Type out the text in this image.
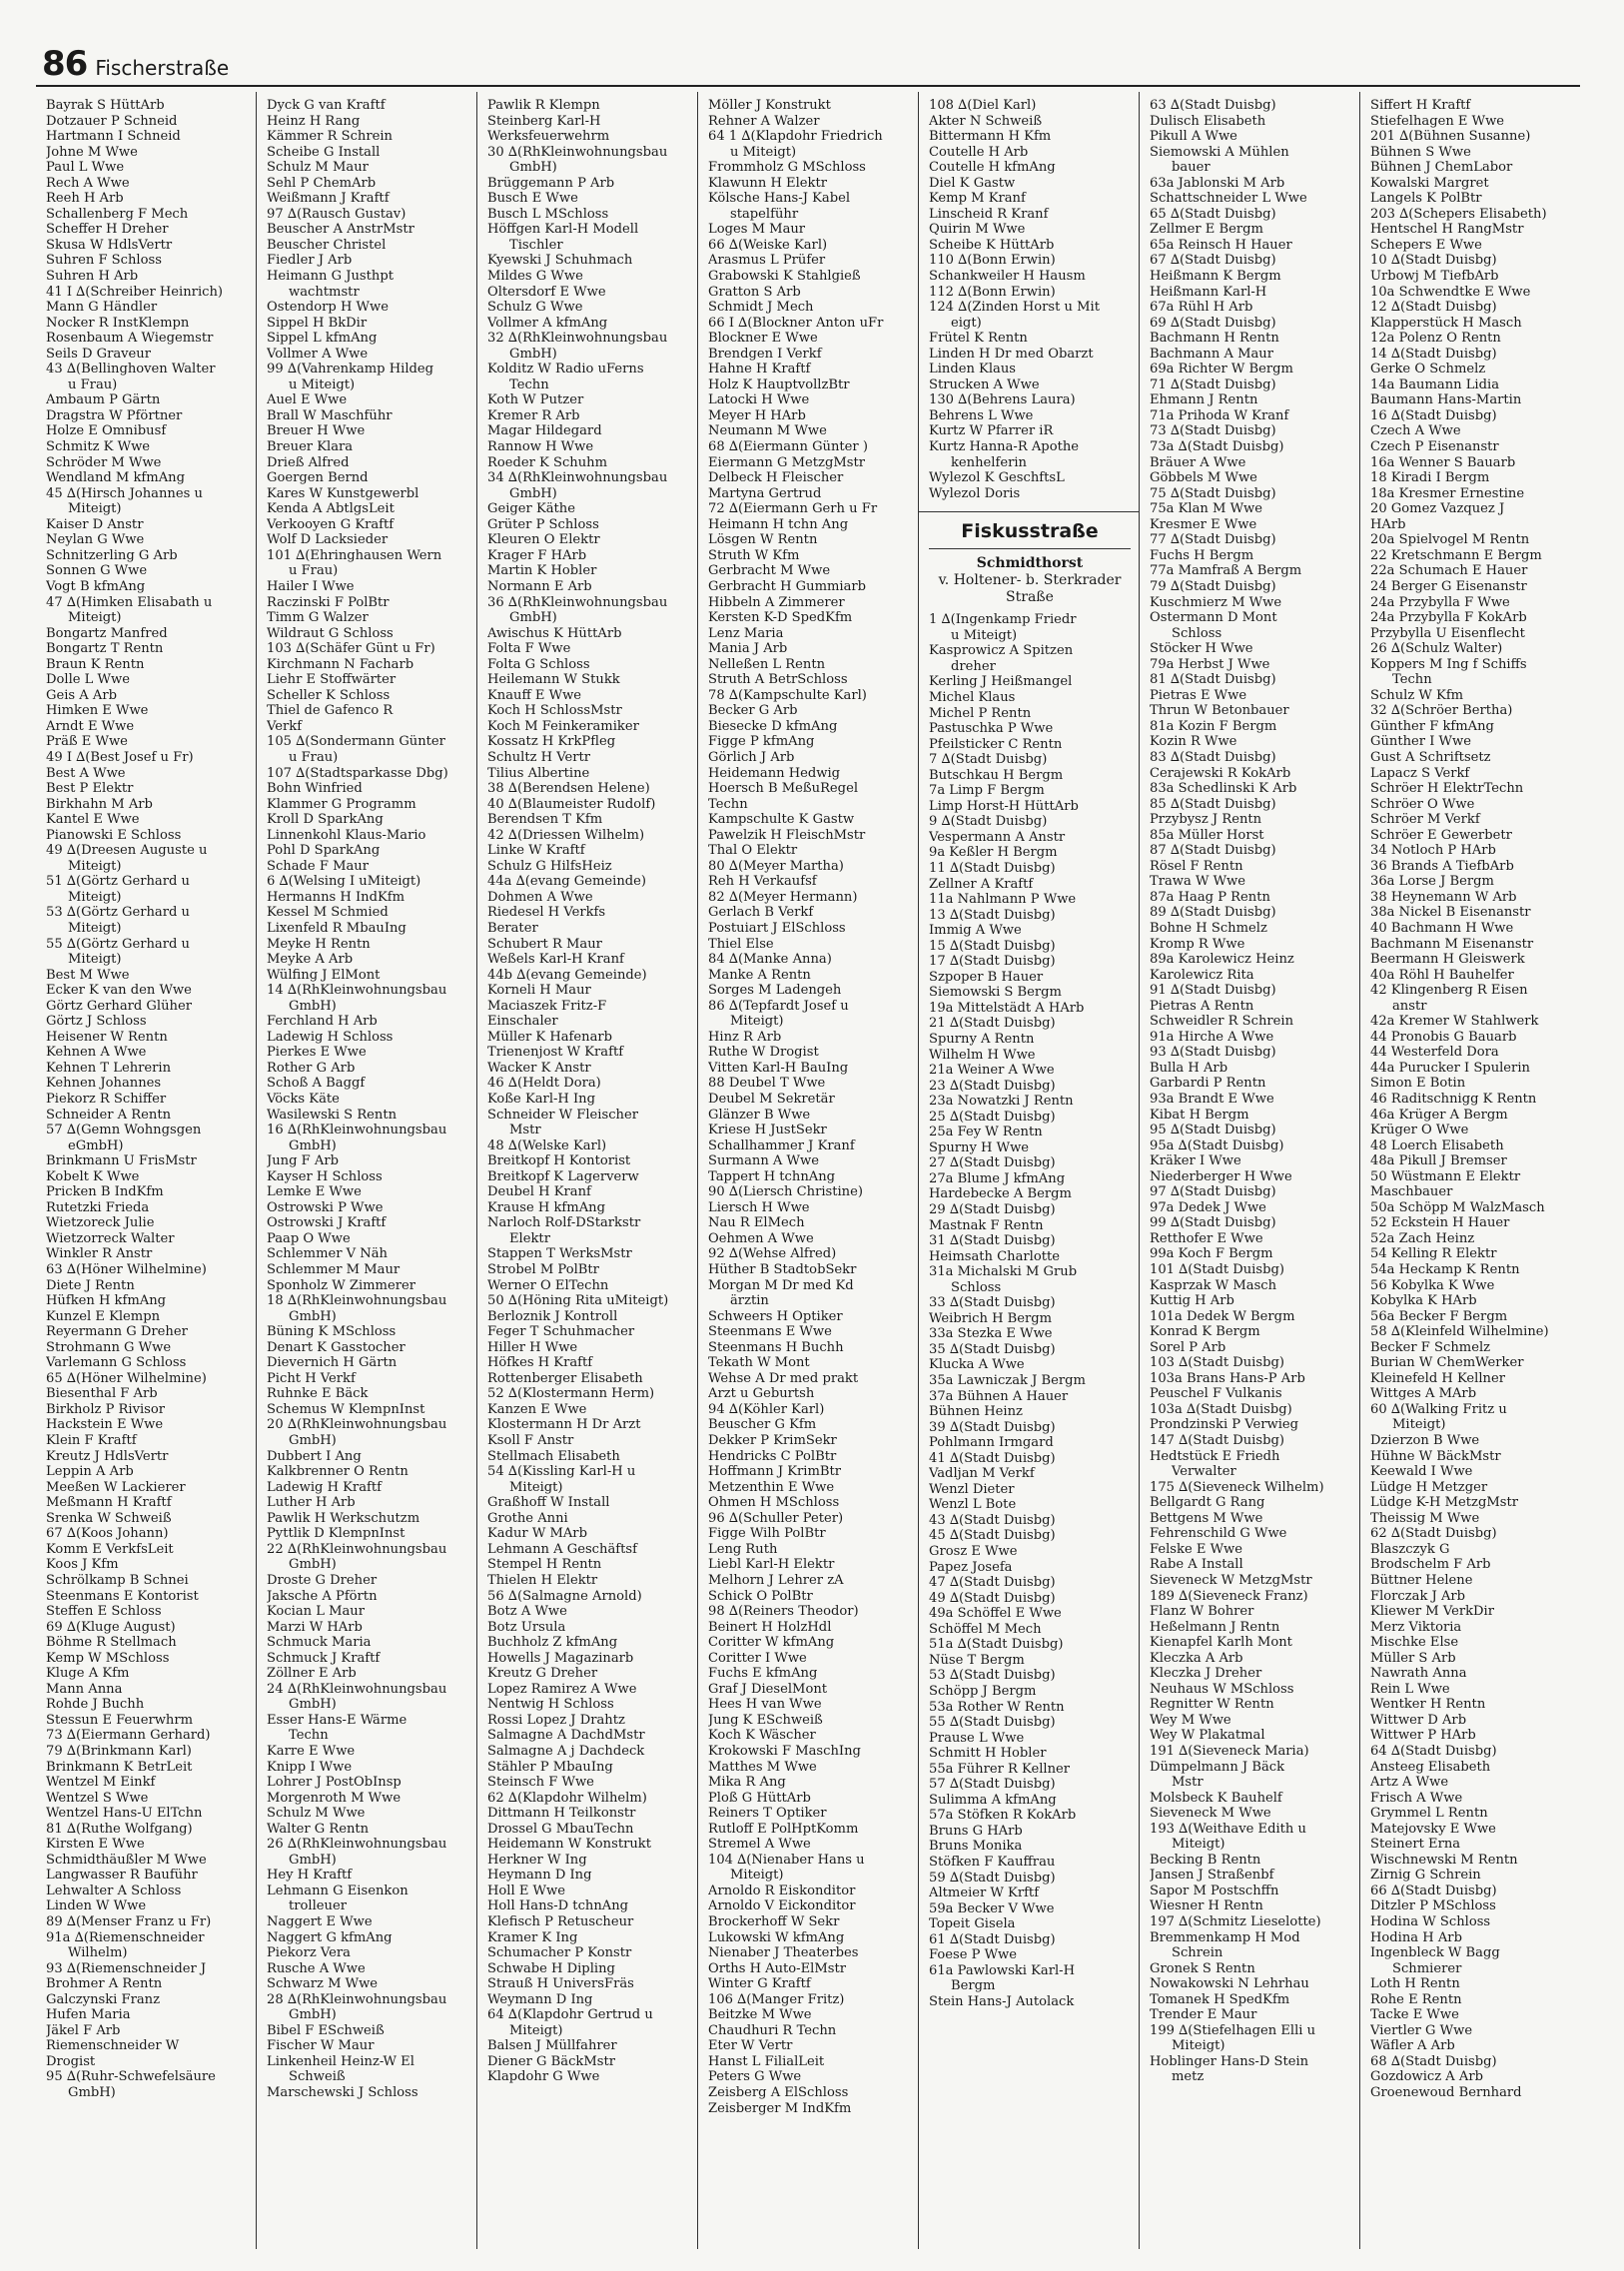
86 Fischerstraße
Bayrak S HüttArb
Dotzauer P Schneid
Hartmann I Schneid
Johne M Wwe
Paul L Wwe
Rech A Wwe
Reeh H Arb
Schallenberg F Mech
Scheffer H Dreher
Skusa W HdlsVertr
Suhren F Schloss
Suhren H Arb
41 I ∆(Schreiber Heinrich)
Mann G Händler
Nocker R InstKlempn
Rosenbaum A Wiegemstr
Seils D Graveur
43 ∆(Bellinghoven Walter
u Frau)
Ambaum P Gärtn
Dragstra W Pförtner
Holze E Omnibusf
Schmitz K Wwe
Schröder M Wwe
Wendland M kfmAng
45 ∆(Hirsch Johannes u
Miteigt)
Kaiser D Anstr
Neylan G Wwe
Schnitzerling G Arb
Sonnen G Wwe
Vogt B kfmAng
47 ∆(Himken Elisabath u
Miteigt)
Bongartz Manfred
Bongartz T Rentn
Braun K Rentn
Dolle L Wwe
Geis A Arb
Himken E Wwe
Arndt E Wwe
Präß E Wwe
49 I ∆(Best Josef u Fr)
Best A Wwe
Best P Elektr
Birkhahn M Arb
Kantel E Wwe
Pianowski E Schloss
49 ∆(Dreesen Auguste u
Miteigt)
51 ∆(Görtz Gerhard u
Miteigt)
53 ∆(Görtz Gerhard u
Miteigt)
55 ∆(Görtz Gerhard u
Miteigt)
Best M Wwe
Ecker K van den Wwe
Görtz Gerhard Glüher
Görtz J Schloss
Heisener W Rentn
Kehnen A Wwe
Kehnen T Lehrerin
Kehnen Johannes
Piekorz R Schiffer
Schneider A Rentn
57 ∆(Gemn Wohngsgen
eGmbH)
Brinkmann U FrisMstr
Kobelt K Wwe
Pricken B IndKfm
Rutetzki Frieda
Wietzoreck Julie
Wietzorreck Walter
Winkler R Anstr
63 ∆(Höner Wilhelmine)
Diete J Rentn
Hüfken H kfmAng
Kunzel E Klempn
Reyermann G Dreher
Strohmann G Wwe
Varlemann G Schloss
65 ∆(Höner Wilhelmine)
Biesenthal F Arb
Birkholz P Rivisor
Hackstein E Wwe
Klein F Kraftf
Kreutz J HdlsVertr
Leppin A Arb
Meeßen W Lackierer
Meßmann H Kraftf
Srenka W Schweiß
67 ∆(Koos Johann)
Komm E VerkfsLeit
Koos J Kfm
Schrölkamp B Schnei
Steenmans E Kontorist
Steffen E Schloss
69 ∆(Kluge August)
Böhme R Stellmach
Kemp W MSchloss
Kluge A Kfm
Mann Anna
Rohde J Buchh
Stessun E Feuerwhrm
73 ∆(Eiermann Gerhard)
79 ∆(Brinkmann Karl)
Brinkmann K BetrLeit
Wentzel M Einkf
Wentzel S Wwe
Wentzel Hans-U ElTchn
81 ∆(Ruthe Wolfgang)
Kirsten E Wwe
Schmidthäußler M Wwe
Langwasser R Bauführ
Lehwalter A Schloss
Linden W Wwe
89 ∆(Menser Franz u Fr)
91a ∆(Riemenschneider
Wilhelm)
93 ∆(Riemenschneider J
Brohmer A Rentn
Galczynski Franz
Hufen Maria
Jäkel F Arb
Riemenschneider W
Drogist
95 ∆(Ruhr-Schwefelsäure
GmbH)
Dyck G van Kraftf
Heinz H Rang
Kämmer R Schrein
Scheibe G Install
Schulz M Maur
Sehl P ChemArb
Weißmann J Kraftf
97 ∆(Rausch Gustav)
Beuscher A AnstrMstr
Beuscher Christel
Fiedler J Arb
Heimann G Justhpt
wachtmstr
Ostendorp H Wwe
Sippel H BkDir
Sippel L kfmAng
Vollmer A Wwe
99 ∆(Vahrenkamp Hildeg
u Miteigt)
Auel E Wwe
Brall W Maschführ
Breuer H Wwe
Breuer Klara
Drieß Alfred
Goergen Bernd
Kares W Kunstgewerbl
Kenda A AbtlgsLeit
Verkooyen G Kraftf
Wolf D Lacksieder
101 ∆(Ehringhausen Wern
u Frau)
Hailer I Wwe
Raczinski F PolBtr
Timm G Walzer
Wildraut G Schloss
103 ∆(Schäfer Günt u Fr)
Kirchmann N Facharb
Liehr E Stoffwärter
Scheller K Schloss
Thiel de Gafenco R
Verkf
105 ∆(Sondermann Günter
u Frau)
107 ∆(Stadtsparkasse Dbg)
Bohn Winfried
Klammer G Programm
Kroll D SparkAng
Linnenkohl Klaus-Mario
Pohl D SparkAng
Schade F Maur
6 ∆(Welsing I uMiteigt)
Hermanns H IndKfm
Kessel M Schmied
Lixenfeld R MbauIng
Meyke H Rentn
Meyke A Arb
Wülfing J ElMont
14 ∆(RhKleinwohnungsbau
GmbH)
Ferchland H Arb
Ladewig H Schloss
Pierkes E Wwe
Rother G Arb
Schoß A Baggf
Vöcks Käte
Wasilewski S Rentn
16 ∆(RhKleinwohnungsbau
GmbH)
Jung F Arb
Kayser H Schloss
Lemke E Wwe
Ostrowski P Wwe
Ostrowski J Kraftf
Paap O Wwe
Schlemmer V Näh
Schlemmer M Maur
Sponholz W Zimmerer
18 ∆(RhKleinwohnungsbau
GmbH)
Büning K MSchloss
Denart K Gasstocher
Dievernich H Gärtn
Picht H Verkf
Ruhnke E Bäck
Schemus W KlempnInst
20 ∆(RhKleinwohnungsbau
GmbH)
Dubbert I Ang
Kalkbrenner O Rentn
Ladewig H Kraftf
Luther H Arb
Pawlik H Werkschutzm
Pyttlik D KlempnInst
22 ∆(RhKleinwohnungsbau
GmbH)
Droste G Dreher
Jaksche A Pförtn
Kocian L Maur
Marzi W HArb
Schmuck Maria
Schmuck J Kraftf
Zöllner E Arb
24 ∆(RhKleinwohnungsbau
GmbH)
Esser Hans-E Wärme
Techn
Karre E Wwe
Knipp I Wwe
Lohrer J PostObInsp
Morgenroth M Wwe
Schulz M Wwe
Walter G Rentn
26 ∆(RhKleinwohnungsbau
GmbH)
Hey H Kraftf
Lehmann G Eisenkon
trolleuer
Naggert E Wwe
Naggert G kfmAng
Piekorz Vera
Rusche A Wwe
Schwarz M Wwe
28 ∆(RhKleinwohnungsbau
GmbH)
Bibel F ESchweiß
Fischer W Maur
Linkenheil Heinz-W El
Schweiß
Marschewski J Schloss
Pawlik R Klempn
Steinberg Karl-H
Werksfeuerwehrm
30 ∆(RhKleinwohnungsbau
GmbH)
Brüggemann P Arb
Busch E Wwe
Busch L MSchloss
Höffgen Karl-H Modell
Tischler
Kyewski J Schuhmach
Mildes G Wwe
Oltersdorf E Wwe
Schulz G Wwe
Vollmer A kfmAng
32 ∆(RhKleinwohnungsbau
GmbH)
Kolditz W Radio uFerns
Techn
Koth W Putzer
Kremer R Arb
Magar Hildegard
Rannow H Wwe
Roeder K Schuhm
34 ∆(RhKleinwohnungsbau
GmbH)
Geiger Käthe
Grüter P Schloss
Kleuren O Elektr
Krager F HArb
Martin K Hobler
Normann E Arb
36 ∆(RhKleinwohnungsbau
GmbH)
Awischus K HüttArb
Folta F Wwe
Folta G Schloss
Heilemann W Stukk
Knauff E Wwe
Koch H SchlossMstr
Koch M Feinkeramiker
Kossatz H KrkPfleg
Schultz H Vertr
Tilius Albertine
38 ∆(Berendsen Helene)
40 ∆(Blaumeister Rudolf)
Berendsen T Kfm
42 ∆(Driessen Wilhelm)
Linke W Kraftf
Schulz G HilfsHeiz
44a ∆(evang Gemeinde)
Dohmen A Wwe
Riedesel H Verkfs
Berater
Schubert R Maur
Weßels Karl-H Kranf
44b ∆(evang Gemeinde)
Korneli H Maur
Maciaszek Fritz-F
Einschaler
Müller K Hafenarb
Trienenjost W Kraftf
Wacker K Anstr
46 ∆(Heldt Dora)
Koße Karl-H Ing
Schneider W Fleischer
Mstr
48 ∆(Welske Karl)
Breitkopf H Kontorist
Breitkopf K Lagerverw
Deubel H Kranf
Krause H kfmAng
Narloch Rolf-DStarkstr
Elektr
Stappen T WerksMstr
Strobel M PolBtr
Werner O ElTechn
50 ∆(Höning Rita uMiteigt)
Berloznik J Kontroll
Feger T Schuhmacher
Hiller H Wwe
Höfkes H Kraftf
Rottenberger Elisabeth
52 ∆(Klostermann Herm)
Kanzen E Wwe
Klostermann H Dr Arzt
Ksoll F Anstr
Stellmach Elisabeth
54 ∆(Kissling Karl-H u
Miteigt)
Graßhoff W Install
Grothe Anni
Kadur W MArb
Lehmann A Geschäftsf
Stempel H Rentn
Thielen H Elektr
56 ∆(Salmagne Arnold)
Botz A Wwe
Botz Ursula
Buchholz Z kfmAng
Howells J Magazinarb
Kreutz G Dreher
Lopez Ramirez A Wwe
Nentwig H Schloss
Rossi Lopez J Drahtz
Salmagne A DachdMstr
Salmagne A j Dachdeck
Stähler P MbauIng
Steinsch F Wwe
62 ∆(Klapdohr Wilhelm)
Dittmann H Teilkonstr
Drossel G MbauTechn
Heidemann W Konstrukt
Herkner W Ing
Heymann D Ing
Holl E Wwe
Holl Hans-D tchnAng
Klefisch P Retuscheur
Kramer K Ing
Schumacher P Konstr
Schwabe H Dipling
Strauß H UniversFräs
Weymann D Ing
64 ∆(Klapdohr Gertrud u
Miteigt)
Balsen J Müllfahrer
Diener G BäckMstr
Klapdohr G Wwe
Möller J Konstrukt
Rehner A Walzer
64 1 ∆(Klapdohr Friedrich
u Miteigt)
Frommholz G MSchloss
Klawunn H Elektr
Kölsche Hans-J Kabel
stapelführ
Loges M Maur
66 ∆(Weiske Karl)
Arasmus L Prüfer
Grabowski K Stahlgieß
Gratton S Arb
Schmidt J Mech
66 I ∆(Blockner Anton uFr
Blockner E Wwe
Brendgen I Verkf
Hahne H Kraftf
Holz K HauptvollzBtr
Latocki H Wwe
Meyer H HArb
Neumann M Wwe
68 ∆(Eiermann Günter )
Eiermann G MetzgMstr
Delbeck H Fleischer
Martyna Gertrud
72 ∆(Eiermann Gerh u Fr
Heimann H tchn Ang
Lösgen W Rentn
Struth W Kfm
Gerbracht M Wwe
Gerbracht H Gummiarb
Hibbeln A Zimmerer
Kersten K-D SpedKfm
Lenz Maria
Mania J Arb
Nelleßen L Rentn
Struth A BetrSchloss
78 ∆(Kampschulte Karl)
Becker G Arb
Biesecke D kfmAng
Figge P kfmAng
Görlich J Arb
Heidemann Hedwig
Hoersch B MeßuRegel
Techn
Kampschulte K Gastw
Pawelzik H FleischMstr
Thal O Elektr
80 ∆(Meyer Martha)
Reh H Verkaufsf
82 ∆(Meyer Hermann)
Gerlach B Verkf
Postuiart J ElSchloss
Thiel Else
84 ∆(Manke Anna)
Manke A Rentn
Sorges M Ladengeh
86 ∆(Tepfardt Josef u
Miteigt)
Hinz R Arb
Ruthe W Drogist
Vitten Karl-H BauIng
88 Deubel T Wwe
Deubel M Sekretär
Glänzer B Wwe
Kriese H JustSekr
Schallhammer J Kranf
Surmann A Wwe
Tappert H tchnAng
90 ∆(Liersch Christine)
Liersch H Wwe
Nau R ElMech
Oehmen A Wwe
92 ∆(Wehse Alfred)
Hüther B StadtobSekr
Morgan M Dr med Kd
ärztin
Schweers H Optiker
Steenmans E Wwe
Steenmans H Buchh
Tekath W Mont
Wehse A Dr med prakt
Arzt u Geburtsh
94 ∆(Köhler Karl)
Beuscher G Kfm
Dekker P KrimSekr
Hendricks C PolBtr
Hoffmann J KrimBtr
Metzenthin E Wwe
Ohmen H MSchloss
96 ∆(Schuller Peter)
Figge Wilh PolBtr
Leng Ruth
Liebl Karl-H Elektr
Melhorn J Lehrer zA
Schick O PolBtr
98 ∆(Reiners Theodor)
Beinert H HolzHdl
Coritter W kfmAng
Coritter I Wwe
Fuchs E kfmAng
Graf J DieselMont
Hees H van Wwe
Jung K ESchweiß
Koch K Wäscher
Krokowski F MaschIng
Matthes M Wwe
Mika R Ang
Ploß G HüttArb
Reiners T Optiker
Rutloff E PolHptKomm
Stremel A Wwe
104 ∆(Nienaber Hans u
Miteigt)
Arnoldo R Eiskonditor
Arnoldo V Eickonditor
Brockerhoff W Sekr
Lukowski W kfmAng
Nienaber J Theaterbes
Orths H Auto-ElMstr
Winter G Kraftf
106 ∆(Manger Fritz)
Beitzke M Wwe
Chaudhuri R Techn
Eter W Vertr
Hanst L FilialLeit
Peters G Wwe
Zeisberg A ElSchloss
Zeisberger M IndKfm
108 ∆(Diel Karl)
Akter N Schweiß
Bittermann H Kfm
Coutelle H Arb
Coutelle H kfmAng
Diel K Gastw
Kemp M Kranf
Linscheid R Kranf
Quirin M Wwe
Scheibe K HüttArb
110 ∆(Bonn Erwin)
Schankweiler H Hausm
112 ∆(Bonn Erwin)
124 ∆(Zinden Horst u Mit
eigt)
Frütel K Rentn
Linden H Dr med Obarzt
Linden Klaus
Strucken A Wwe
130 ∆(Behrens Laura)
Behrens L Wwe
Kurtz W Pfarrer iR
Kurtz Hanna-R Apothe
kenhelferin
Wylezol K GeschftsL
Wylezol Doris
Fiskusstraße
Schmidthorst
v. Holtener- b. Sterkrader
Straße
1 ∆(Ingenkamp Friedr
u Miteigt)
Kasprowicz A Spitzen
dreher
Kerling J Heißmangel
Michel Klaus
Michel P Rentn
Pastuschka P Wwe
Pfeilsticker C Rentn
7 ∆(Stadt Duisbg)
Butschkau H Bergm
7a Limp F Bergm
Limp Horst-H HüttArb
9 ∆(Stadt Duisbg)
Vespermann A Anstr
9a Keßler H Bergm
11 ∆(Stadt Duisbg)
Zellner A Kraftf
11a Nahlmann P Wwe
13 ∆(Stadt Duisbg)
Immig A Wwe
15 ∆(Stadt Duisbg)
17 ∆(Stadt Duisbg)
Szpoper B Hauer
Siemowski S Bergm
19a Mittelstädt A HArb
21 ∆(Stadt Duisbg)
Spurny A Rentn
Wilhelm H Wwe
21a Weiner A Wwe
23 ∆(Stadt Duisbg)
23a Nowatzki J Rentn
25 ∆(Stadt Duisbg)
25a Fey W Rentn
Spurny H Wwe
27 ∆(Stadt Duisbg)
27a Blume J kfmAng
Hardebecke A Bergm
29 ∆(Stadt Duisbg)
Mastnak F Rentn
31 ∆(Stadt Duisbg)
Heimsath Charlotte
31a Michalski M Grub
Schloss
33 ∆(Stadt Duisbg)
Weibrich H Bergm
33a Stezka E Wwe
35 ∆(Stadt Duisbg)
Klucka A Wwe
35a Lawniczak J Bergm
37a Bühnen A Hauer
Bühnen Heinz
39 ∆(Stadt Duisbg)
Pohlmann Irmgard
41 ∆(Stadt Duisbg)
Vadljan M Verkf
Wenzl Dieter
Wenzl L Bote
43 ∆(Stadt Duisbg)
45 ∆(Stadt Duisbg)
Grosz E Wwe
Papez Josefa
47 ∆(Stadt Duisbg)
49 ∆(Stadt Duisbg)
49a Schöffel E Wwe
Schöffel M Mech
51a ∆(Stadt Duisbg)
Nüse T Bergm
53 ∆(Stadt Duisbg)
Schöpp J Bergm
53a Rother W Rentn
55 ∆(Stadt Duisbg)
Prause L Wwe
Schmitt H Hobler
55a Führer R Kellner
57 ∆(Stadt Duisbg)
Sulimma A kfmAng
57a Stöfken R KokArb
Bruns G HArb
Bruns Monika
Stöfken F Kauffrau
59 ∆(Stadt Duisbg)
Altmeier W Krftf
59a Becker V Wwe
Topeit Gisela
61 ∆(Stadt Duisbg)
Foese P Wwe
61a Pawlowski Karl-H
Bergm
Stein Hans-J Autolack
63 ∆(Stadt Duisbg)
Dulisch Elisabeth
Pikull A Wwe
Siemowski A Mühlen
bauer
63a Jablonski M Arb
Schattschneider L Wwe
65 ∆(Stadt Duisbg)
Zellmer E Bergm
65a Reinsch H Hauer
67 ∆(Stadt Duisbg)
Heißmann K Bergm
Heißmann Karl-H
67a Rühl H Arb
69 ∆(Stadt Duisbg)
Bachmann H Rentn
Bachmann A Maur
69a Richter W Bergm
71 ∆(Stadt Duisbg)
Ehmann J Rentn
71a Prihoda W Kranf
73 ∆(Stadt Duisbg)
73a ∆(Stadt Duisbg)
Bräuer A Wwe
Göbbels M Wwe
75 ∆(Stadt Duisbg)
75a Klan M Wwe
Kresmer E Wwe
77 ∆(Stadt Duisbg)
Fuchs H Bergm
77a Mamfraß A Bergm
79 ∆(Stadt Duisbg)
Kuschmierz M Wwe
Ostermann D Mont
Schloss
Stöcker H Wwe
79a Herbst J Wwe
81 ∆(Stadt Duisbg)
Pietras E Wwe
Thrun W Betonbauer
81a Kozin F Bergm
Kozin R Wwe
83 ∆(Stadt Duisbg)
Cerajewski R KokArb
83a Schedlinski K Arb
85 ∆(Stadt Duisbg)
Przybysz J Rentn
85a Müller Horst
87 ∆(Stadt Duisbg)
Rösel F Rentn
Trawa W Wwe
87a Haag P Rentn
89 ∆(Stadt Duisbg)
Bohne H Schmelz
Kromp R Wwe
89a Karolewicz Heinz
Karolewicz Rita
91 ∆(Stadt Duisbg)
Pietras A Rentn
Schweidler R Schrein
91a Hirche A Wwe
93 ∆(Stadt Duisbg)
Bulla H Arb
Garbardi P Rentn
93a Brandt E Wwe
Kibat H Bergm
95 ∆(Stadt Duisbg)
95a ∆(Stadt Duisbg)
Kräker I Wwe
Niederberger H Wwe
97 ∆(Stadt Duisbg)
97a Dedek J Wwe
99 ∆(Stadt Duisbg)
Retthofer E Wwe
99a Koch F Bergm
101 ∆(Stadt Duisbg)
Kasprzak W Masch
Kuttig H Arb
101a Dedek W Bergm
Konrad K Bergm
Sorel P Arb
103 ∆(Stadt Duisbg)
103a Brans Hans-P Arb
Peuschel F Vulkanis
103a ∆(Stadt Duisbg)
Prondzinski P Verwieg
147 ∆(Stadt Duisbg)
Hedtstück E Friedh
Verwalter
175 ∆(Sieveneck Wilhelm)
Bellgardt G Rang
Bettgens M Wwe
Fehrenschild G Wwe
Felske E Wwe
Rabe A Install
Sieveneck W MetzgMstr
189 ∆(Sieveneck Franz)
Flanz W Bohrer
Heßelmann J Rentn
Kienapfel Karlh Mont
Kleczka A Arb
Kleczka J Dreher
Neuhaus W MSchloss
Regnitter W Rentn
Wey M Wwe
Wey W Plakatmal
191 ∆(Sieveneck Maria)
Dümpelmann J Bäck
Mstr
Molsbeck K Bauhelf
Sieveneck M Wwe
193 ∆(Weithave Edith u
Miteigt)
Becking B Rentn
Jansen J Straßenbf
Sapor M Postschffn
Wiesner H Rentn
197 ∆(Schmitz Lieselotte)
Bremmenkamp H Mod
Schrein
Gronek S Rentn
Nowakowski N Lehrhau
Tomanek H SpedKfm
Trender E Maur
199 ∆(Stiefelhagen Elli u
Miteigt)
Hoblinger Hans-D Stein
metz
Siffert H Kraftf
Stiefelhagen E Wwe
201 ∆(Bühnen Susanne)
Bühnen S Wwe
Bühnen J ChemLabor
Kowalski Margret
Langels K PolBtr
203 ∆(Schepers Elisabeth)
Hentschel H RangMstr
Schepers E Wwe
10 ∆(Stadt Duisbg)
Urbowj M TiefbArb
10a Schwendtke E Wwe
12 ∆(Stadt Duisbg)
Klapperstück H Masch
12a Polenz O Rentn
14 ∆(Stadt Duisbg)
Gerke O Schmelz
14a Baumann Lidia
Baumann Hans-Martin
16 ∆(Stadt Duisbg)
Czech A Wwe
Czech P Eisenanstr
16a Wenner S Bauarb
18 Kiradi I Bergm
18a Kresmer Ernestine
20 Gomez Vazquez J
HArb
20a Spielvogel M Rentn
22 Kretschmann E Bergm
22a Schumach E Hauer
24 Berger G Eisenanstr
24a Przybylla F Wwe
24a Przybylla F KokArb
Przybylla U Eisenflecht
26 ∆(Schulz Walter)
Koppers M Ing f Schiffs
Techn
Schulz W Kfm
32 ∆(Schröer Bertha)
Günther F kfmAng
Günther I Wwe
Gust A Schriftsetz
Lapacz S Verkf
Schröer H ElektrTechn
Schröer O Wwe
Schröer M Verkf
Schröer E Gewerbetr
34 Notloch P HArb
36 Brands A TiefbArb
36a Lorse J Bergm
38 Heynemann W Arb
38a Nickel B Eisenanstr
40 Bachmann H Wwe
Bachmann M Eisenanstr
Beermann H Gleiswerk
40a Röhl H Bauhelfer
42 Klingenberg R Eisen
anstr
42a Kremer W Stahlwerk
44 Pronobis G Bauarb
44 Westerfeld Dora
44a Purucker I Spulerin
Simon E Botin
46 Raditschnigg K Rentn
46a Krüger A Bergm
Krüger O Wwe
48 Loerch Elisabeth
48a Pikull J Bremser
50 Wüstmann E Elektr
Maschbauer
50a Schöpp M WalzMasch
52 Eckstein H Hauer
52a Zach Heinz
54 Kelling R Elektr
54a Heckamp K Rentn
56 Kobylka K Wwe
Kobylka K HArb
56a Becker F Bergm
58 ∆(Kleinfeld Wilhelmine)
Becker F Schmelz
Burian W ChemWerker
Kleinefeld H Kellner
Wittges A MArb
60 ∆(Walking Fritz u
Miteigt)
Dzierzon B Wwe
Hühne W BäckMstr
Keewald I Wwe
Lüdge H Metzger
Lüdge K-H MetzgMstr
Theissig M Wwe
62 ∆(Stadt Duisbg)
Blaszczyk G
Brodschelm F Arb
Büttner Helene
Florczak J Arb
Kliewer M VerkDir
Merz Viktoria
Mischke Else
Müller S Arb
Nawrath Anna
Rein L Wwe
Wentker H Rentn
Wittwer D Arb
Wittwer P HArb
64 ∆(Stadt Duisbg)
Ansteeg Elisabeth
Artz A Wwe
Frisch A Wwe
Grymmel L Rentn
Matejovsky E Wwe
Steinert Erna
Wischnewski M Rentn
Zirnig G Schrein
66 ∆(Stadt Duisbg)
Ditzler P MSchloss
Hodina W Schloss
Hodina H Arb
Ingenbleck W Bagg
Schmierer
Loth H Rentn
Rohe E Rentn
Tacke E Wwe
Viertler G Wwe
Wäfler A Arb
68 ∆(Stadt Duisbg)
Gozdowicz A Arb
Groenewoud Bernhard
